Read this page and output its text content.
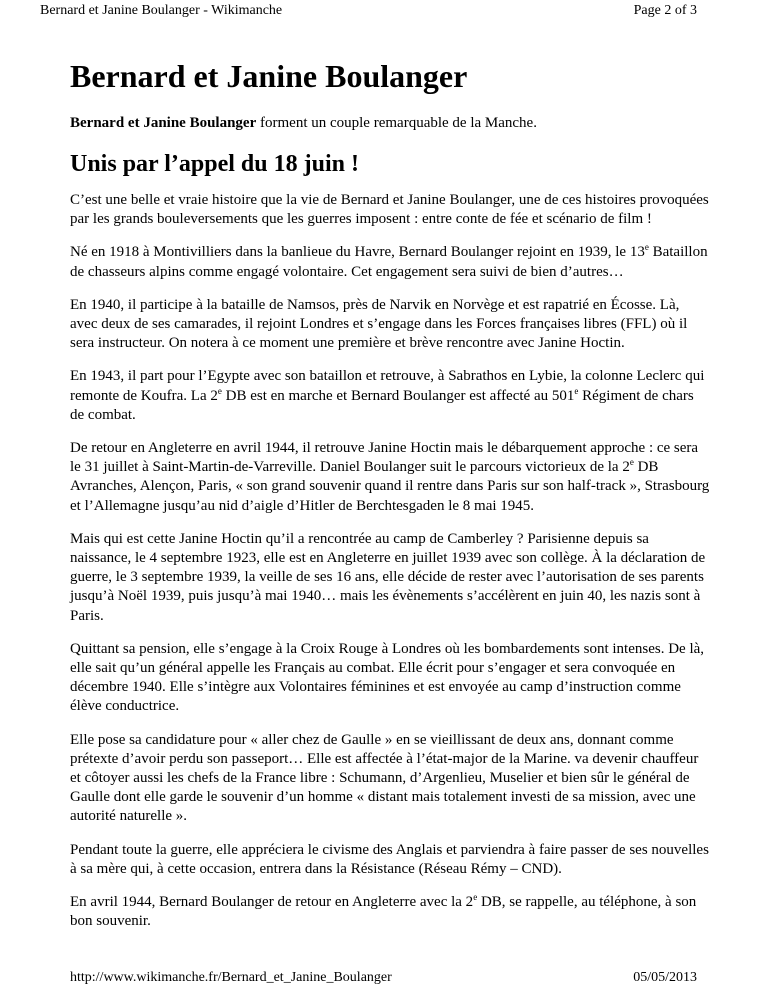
Bernard et Janine Boulanger - Wikimanche	Page 2 of 3
Bernard et Janine Boulanger

Bernard et Janine Boulanger forment un couple remarquable de la Manche.

Unis par l’appel du 18 juin !

C’est une belle et vraie histoire que la vie de Bernard et Janine Boulanger, une de ces histoires provoquées par les grands bouleversements que les guerres imposent : entre conte de fée et scénario de film !

Né en 1918 à Montivilliers dans la banlieue du Havre, Bernard Boulanger rejoint en 1939, le 13e Bataillon de chasseurs alpins comme engagé volontaire. Cet engagement sera suivi de bien d’autres…

En 1940, il participe à la bataille de Namsos, près de Narvik en Norvège et est rapatrié en Écosse. Là, avec deux de ses camarades, il rejoint Londres et s’engage dans les Forces françaises libres (FFL) où il sera instructeur. On notera à ce moment une première et brève rencontre avec Janine Hoctin.

En 1943, il part pour l’Egypte avec son bataillon et retrouve, à Sabrathos en Lybie, la colonne Leclerc qui remonte de Koufra. La 2e DB est en marche et Bernard Boulanger est affecté au 501e Régiment de chars de combat.

De retour en Angleterre en avril 1944, il retrouve Janine Hoctin mais le débarquement approche : ce sera le 31 juillet à Saint-Martin-de-Varreville. Daniel Boulanger suit le parcours victorieux de la 2e DB Avranches, Alençon, Paris, « son grand souvenir quand il rentre dans Paris sur son half-track », Strasbourg et l’Allemagne jusqu’au nid d’aigle d’Hitler de Berchtesgaden le 8 mai 1945.

Mais qui est cette Janine Hoctin qu’il a rencontrée au camp de Camberley ? Parisienne depuis sa naissance, le 4 septembre 1923, elle est en Angleterre en juillet 1939 avec son collège. À la déclaration de guerre, le 3 septembre 1939, la veille de ses 16 ans, elle décide de rester avec l’autorisation de ses parents jusqu’à Noël 1939, puis jusqu’à mai 1940… mais les évènements s’accélèrent en juin 40, les nazis sont à Paris.

Quittant sa pension, elle s’engage à la Croix Rouge à Londres où les bombardements sont intenses. De là, elle sait qu’un général appelle les Français au combat. Elle écrit pour s’engager et sera convoquée en décembre 1940. Elle s’intègre aux Volontaires féminines et est envoyée au camp d’instruction comme élève conductrice.

Elle pose sa candidature pour « aller chez de Gaulle » en se vieillissant de deux ans, donnant comme prétexte d’avoir perdu son passeport… Elle est affectée à l’état-major de la Marine. va devenir chauffeur et côtoyer aussi les chefs de la France libre : Schumann, d’Argenlieu, Muselier et bien sûr le général de Gaulle dont elle garde le souvenir d’un homme « distant mais totalement investi de sa mission, avec une autorité naturelle ».

Pendant toute la guerre, elle appréciera le civisme des Anglais et parviendra à faire passer de ses nouvelles à sa mère qui, à cette occasion, entrera dans la Résistance (Réseau Rémy – CND).

En avril 1944, Bernard Boulanger de retour en Angleterre avec la 2e DB, se rappelle, au téléphone, à son bon souvenir.

http://www.wikimanche.fr/Bernard_et_Janine_Boulanger	05/05/2013
